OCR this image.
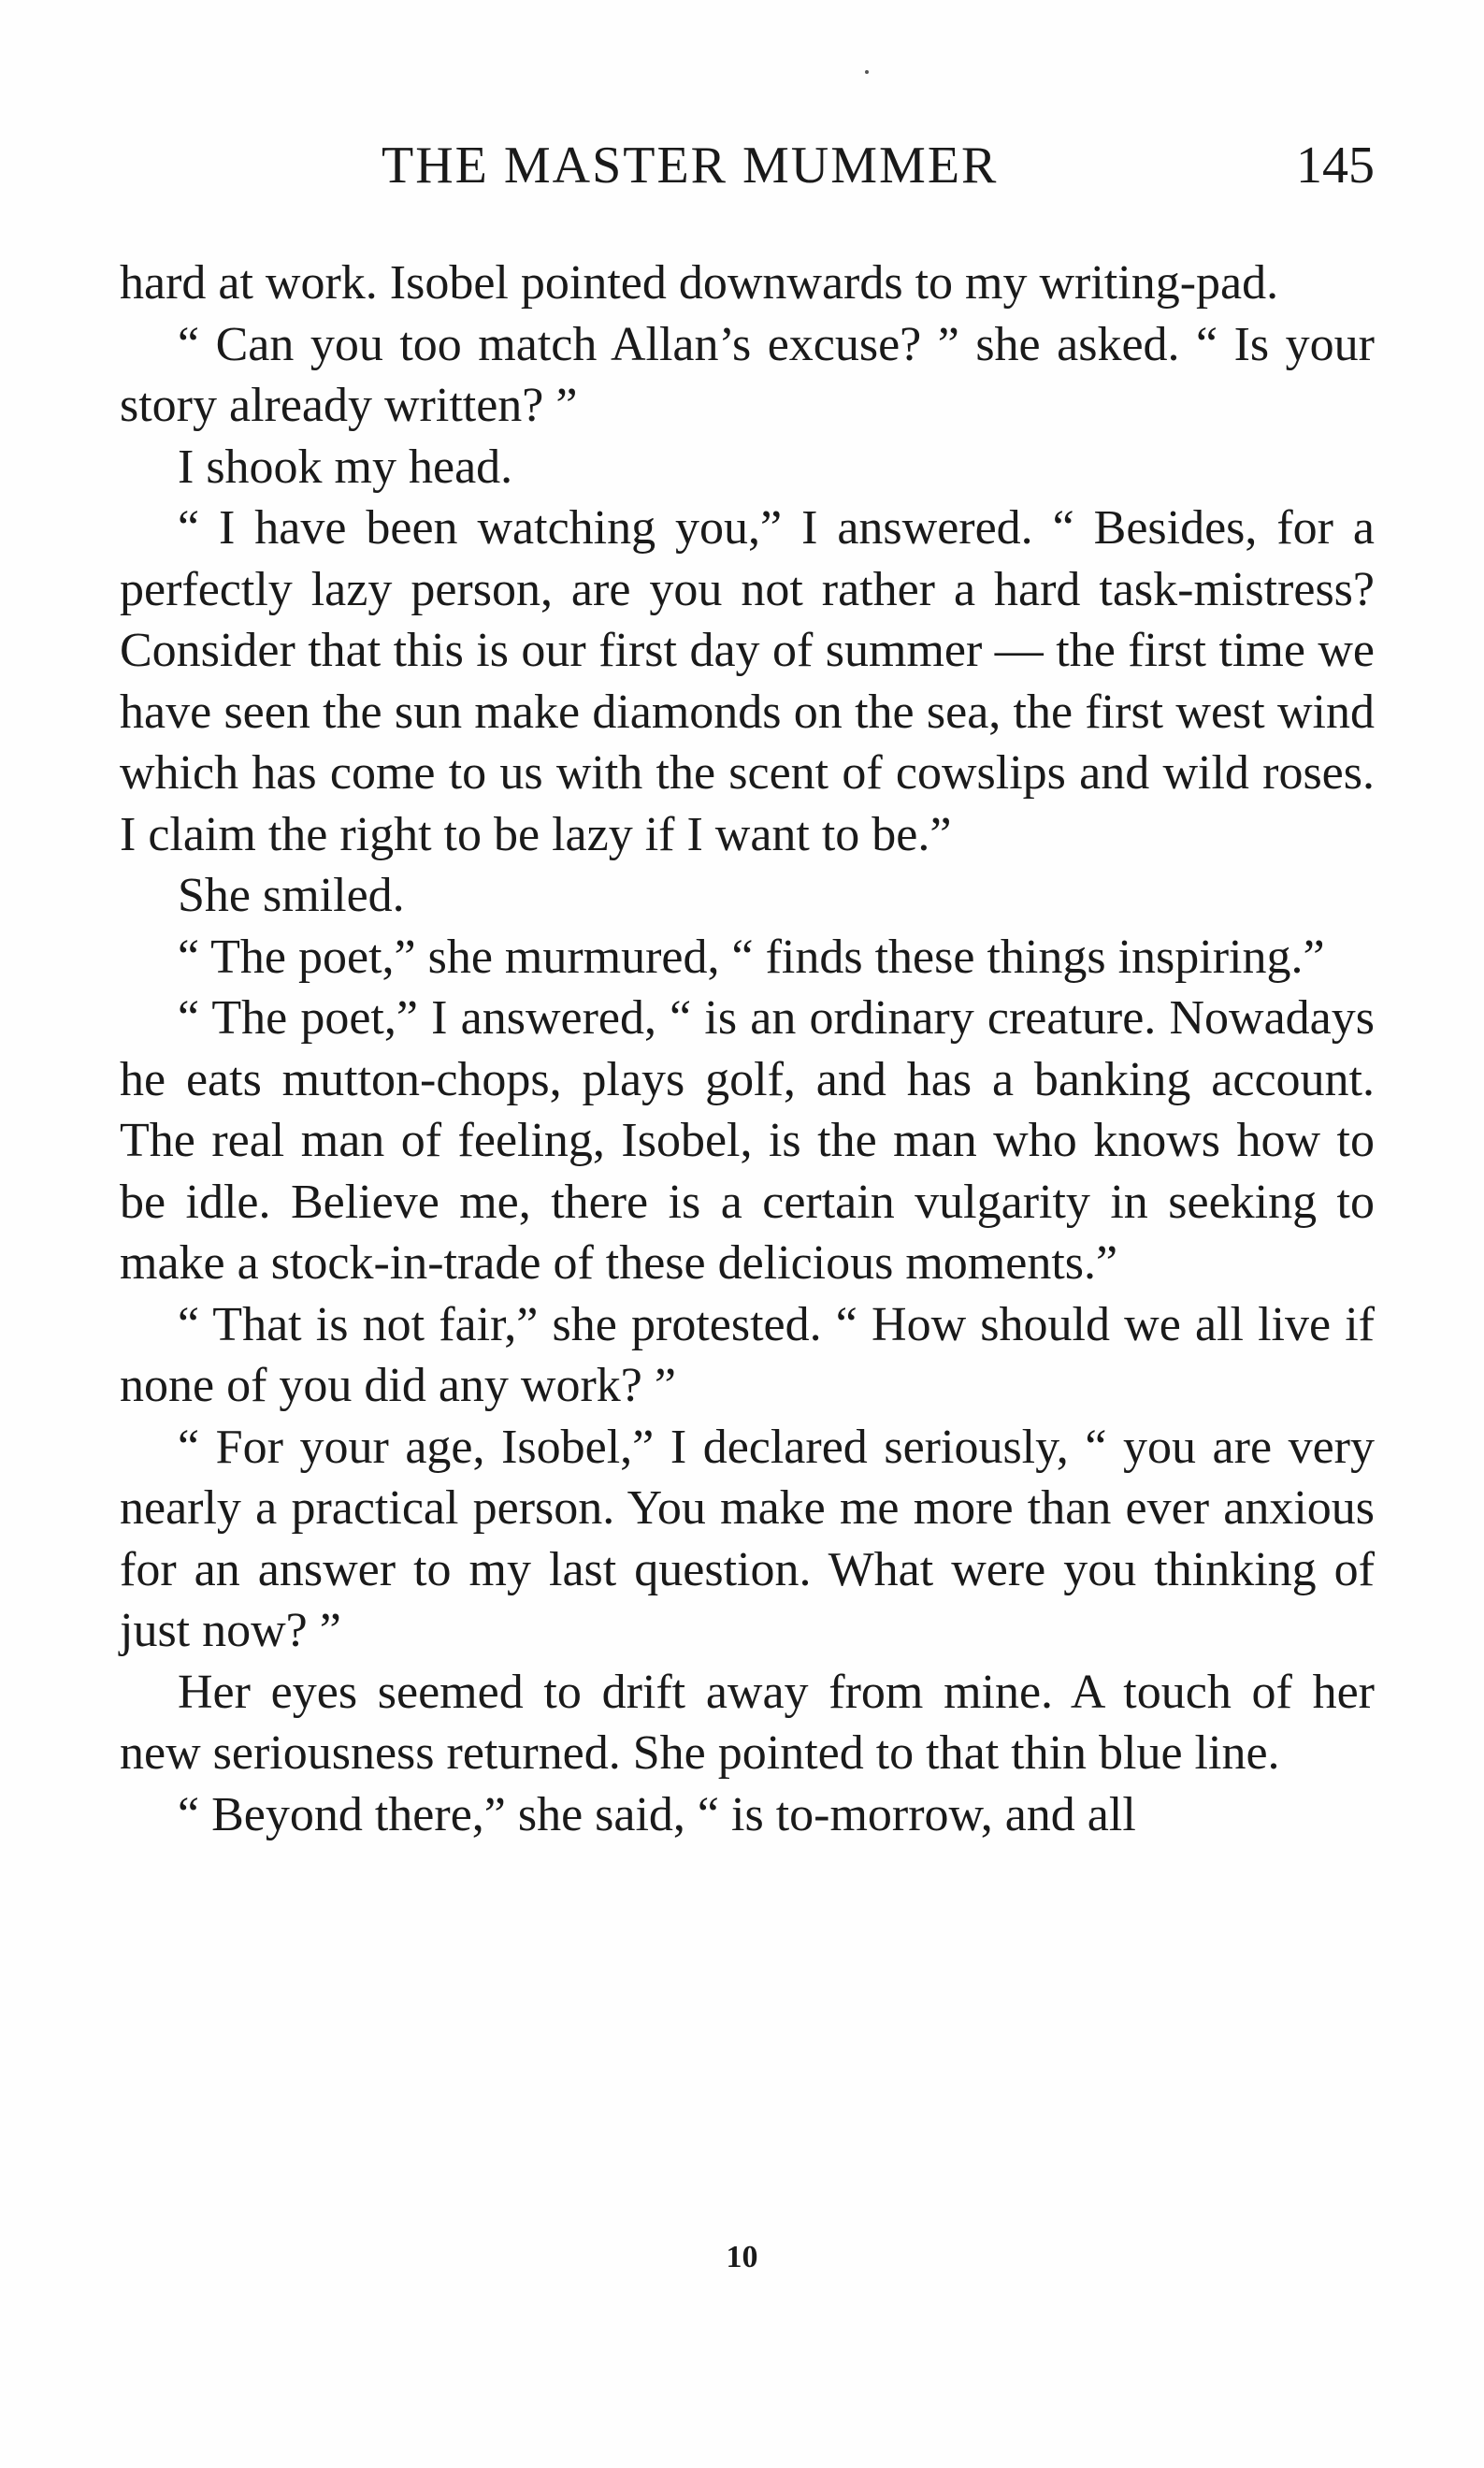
THE MASTER MUMMER	145

hard at work. Isobel pointed downwards to my writing-pad.

“ Can you too match Allan’s excuse? ” she asked. “ Is your story already written? ”

I shook my head.

“ I have been watching you,” I answered. “ Besides, for a perfectly lazy person, are you not rather a hard task-mistress? Consider that this is our first day of summer — the first time we have seen the sun make diamonds on the sea, the first west wind which has come to us with the scent of cowslips and wild roses. I claim the right to be lazy if I want to be.”

She smiled.

“ The poet,” she murmured, “ finds these things inspiring.”

“ The poet,” I answered, “ is an ordinary creature. Nowadays he eats mutton-chops, plays golf, and has a banking account. The real man of feeling, Isobel, is the man who knows how to be idle. Believe me, there is a certain vulgarity in seeking to make a stock-in-trade of these delicious moments.”

“ That is not fair,” she protested. “ How should we all live if none of you did any work? ”

“ For your age, Isobel,” I declared seriously, “ you are very nearly a practical person. You make me more than ever anxious for an answer to my last question. What were you thinking of just now? ”

Her eyes seemed to drift away from mine. A touch of her new seriousness returned. She pointed to that thin blue line.

“ Beyond there,” she said, “ is to-morrow, and all

10
